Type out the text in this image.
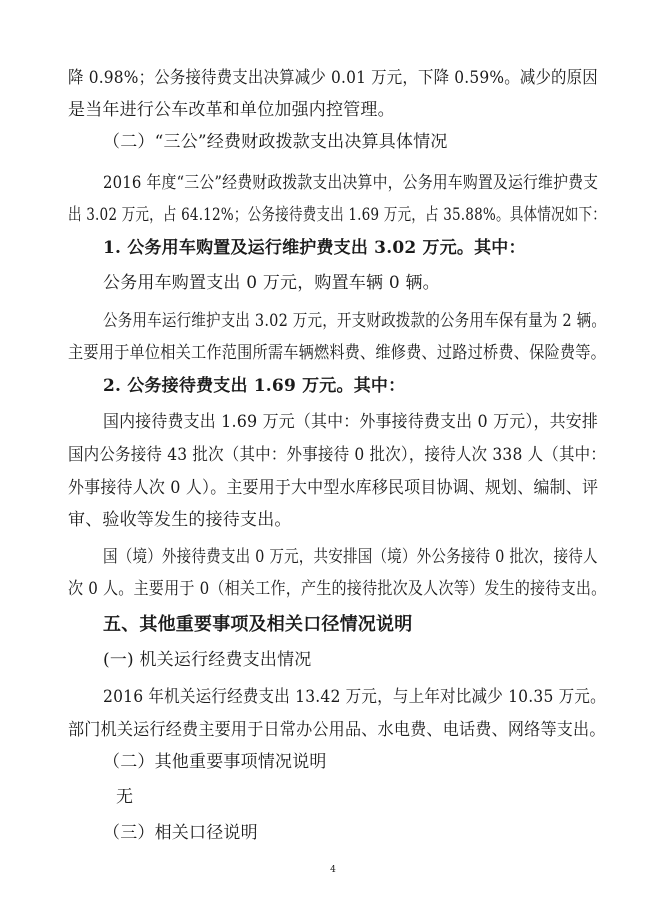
降 0.98%；公务接待费支出决算减少 0.01 万元，下降 0.59%。减少的原因

是当年进行公车改革和单位加强内控管理。

（二）“三公”经费财政拨款支出决算具体情况

2016 年度“三公”经费财政拨款支出决算中，公务用车购置及运行维护费支

出 3.02 万元，占 64.12%；公务接待费支出 1.69 万元，占 35.88%。具体情况如下：

1. 公务用车购置及运行维护费支出 3.02 万元。其中：

公务用车购置支出 0 万元，购置车辆 0 辆。

公务用车运行维护支出 3.02 万元，开支财政拨款的公务用车保有量为 2 辆。

主要用于单位相关工作范围所需车辆燃料费、维修费、过路过桥费、保险费等。

2. 公务接待费支出 1.69 万元。其中：

国内接待费支出 1.69 万元（其中：外事接待费支出 0 万元），共安排

国内公务接待 43 批次（其中：外事接待 0 批次），接待人次 338 人（其中：

外事接待人次 0 人）。主要用于大中型水库移民项目协调、规划、编制、评

审、验收等发生的接待支出。

国（境）外接待费支出 0 万元，共安排国（境）外公务接待 0 批次，接待人

次 0 人。主要用于 0（相关工作，产生的接待批次及人次等）发生的接待支出。

五、其他重要事项及相关口径情况说明

(一) 机关运行经费支出情况

2016 年机关运行经费支出 13.42 万元，与上年对比减少 10.35 万元。

部门机关运行经费主要用于日常办公用品、水电费、电话费、网络等支出。

（二）其他重要事项情况说明

无

（三）相关口径说明

4
